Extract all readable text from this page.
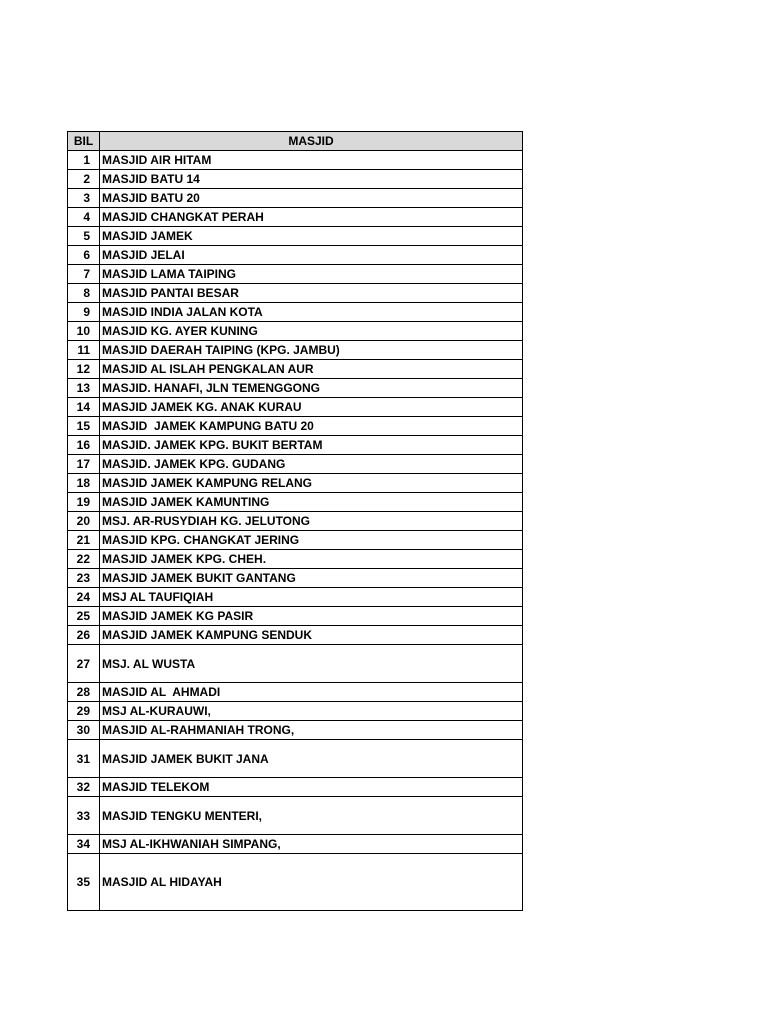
BIL	MASJID
1	MASJID AIR HITAM
2	MASJID BATU 14
3	MASJID BATU 20
4	MASJID CHANGKAT PERAH
5	MASJID JAMEK
6	MASJID JELAI
7	MASJID LAMA TAIPING
8	MASJID PANTAI BESAR
9	MASJID INDIA JALAN KOTA
10	MASJID KG. AYER KUNING
11	MASJID DAERAH TAIPING (KPG. JAMBU)
12	MASJID AL ISLAH PENGKALAN AUR
13	MASJID. HANAFI, JLN TEMENGGONG
14	MASJID JAMEK KG. ANAK KURAU
15	MASJID  JAMEK KAMPUNG BATU 20
16	MASJID. JAMEK KPG. BUKIT BERTAM
17	MASJID. JAMEK KPG. GUDANG
18	MASJID JAMEK KAMPUNG RELANG
19	MASJID JAMEK KAMUNTING
20	MSJ. AR-RUSYDIAH KG. JELUTONG
21	MASJID KPG. CHANGKAT JERING
22	MASJID JAMEK KPG. CHEH.
23	MASJID JAMEK BUKIT GANTANG
24	MSJ AL TAUFIQIAH
25	MASJID JAMEK KG PASIR
26	MASJID JAMEK KAMPUNG SENDUK
27	MSJ. AL WUSTA
28	MASJID AL  AHMADI
29	MSJ AL-KURAUWI,
30	MASJID AL-RAHMANIAH TRONG,
31	MASJID JAMEK BUKIT JANA
32	MASJID TELEKOM
33	MASJID TENGKU MENTERI,
34	MSJ AL-IKHWANIAH SIMPANG,
35	MASJID AL HIDAYAH
